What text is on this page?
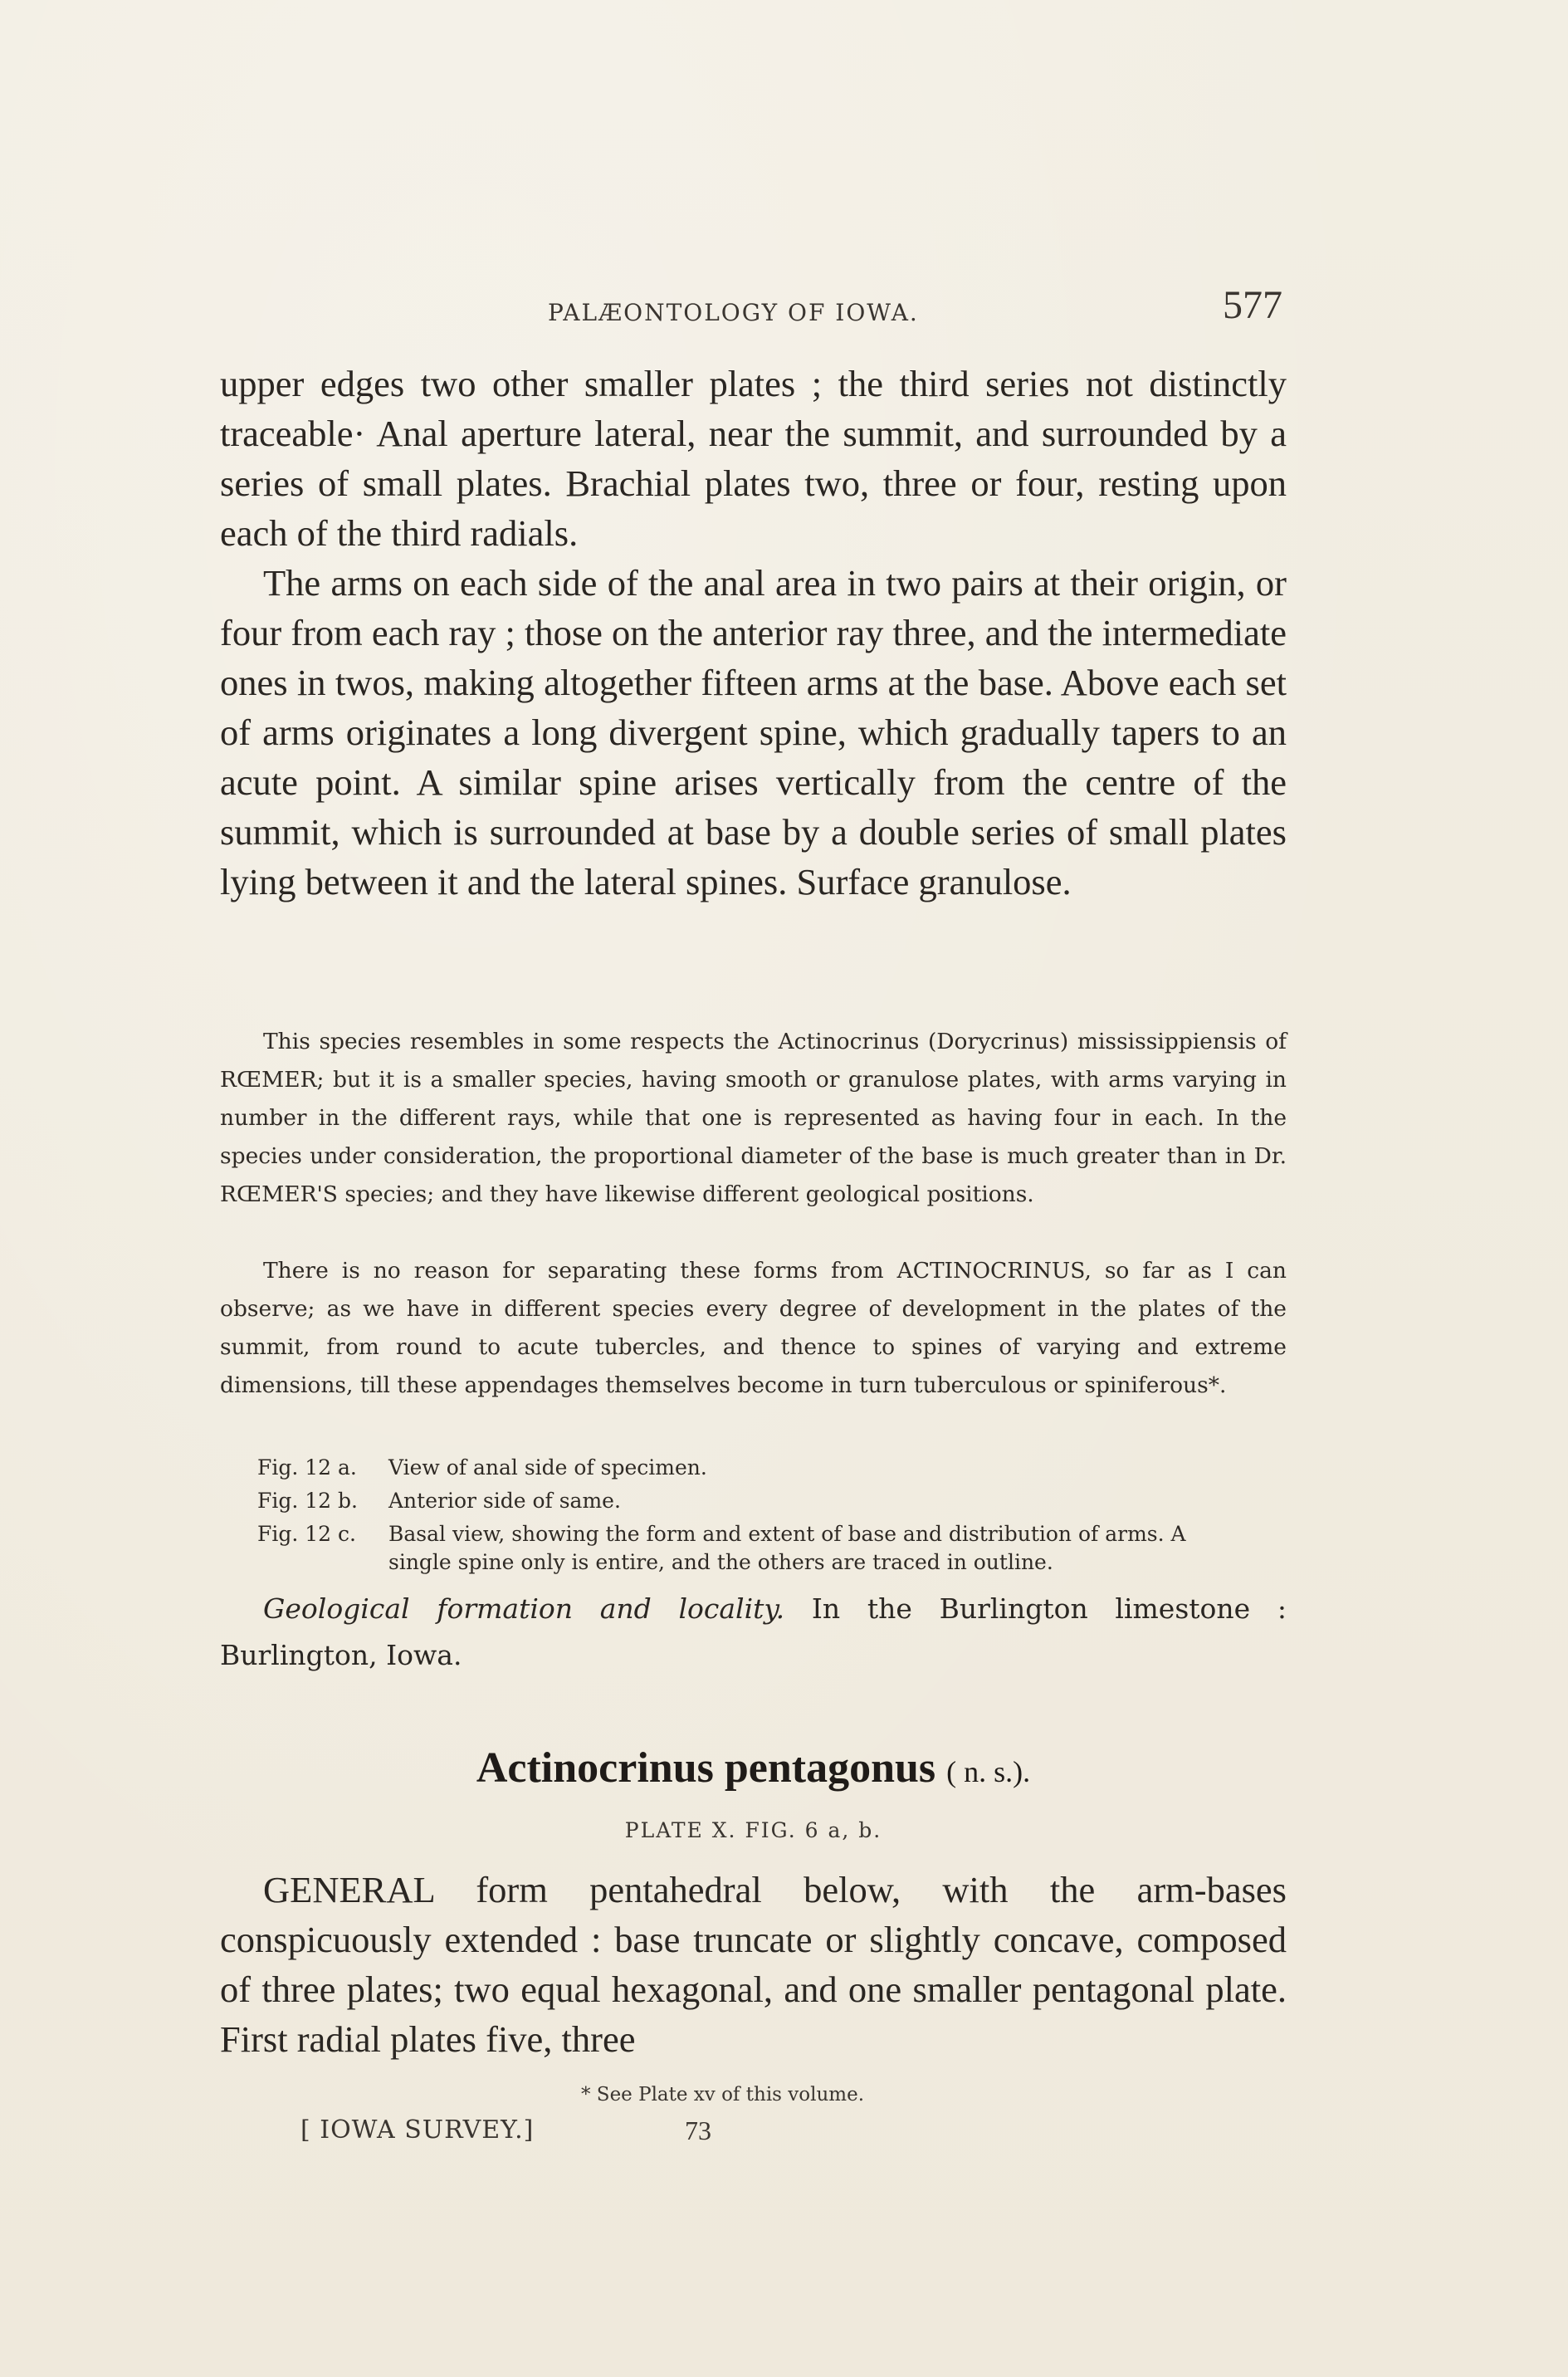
PALÆONTOLOGY OF IOWA.	577

upper edges two other smaller plates ; the third series not distinctly traceable· Anal aperture lateral, near the summit, and surrounded by a series of small plates. Brachial plates two, three or four, resting upon each of the third radials.

The arms on each side of the anal area in two pairs at their origin, or four from each ray ; those on the anterior ray three, and the intermediate ones in twos, making altogether fifteen arms at the base. Above each set of arms originates a long divergent spine, which gradually tapers to an acute point. A similar spine arises vertically from the centre of the summit, which is surrounded at base by a double series of small plates lying between it and the lateral spines. Surface granulose.

This species resembles in some respects the Actinocrinus (Dorycrinus) mississippiensis of RŒMER; but it is a smaller species, having smooth or granulose plates, with arms varying in number in the different rays, while that one is represented as having four in each. In the species under consideration, the proportional diameter of the base is much greater than in Dr. RŒMER'S species; and they have likewise different geological positions.

There is no reason for separating these forms from ACTINOCRINUS, so far as I can observe; as we have in different species every degree of development in the plates of the summit, from round to acute tubercles, and thence to spines of varying and extreme dimensions, till these appendages themselves become in turn tuberculous or spiniferous*.

Fig. 12 a.	View of anal side of specimen.
Fig. 12 b.	Anterior side of same.
Fig. 12 c.	Basal view, showing the form and extent of base and distribution of arms. A
single spine only is entire, and the others are traced in outline.

Geological formation and locality. In the Burlington limestone : Burlington, Iowa.

Actinocrinus pentagonus ( n. s.).
PLATE X. FIG. 6 a, b.

GENERAL form pentahedral below, with the arm-bases conspicuously extended : base truncate or slightly concave, composed of three plates; two equal hexagonal, and one smaller pentagonal plate. First radial plates five, three

* See Plate xv of this volume.
[ IOWA SURVEY.]	73
